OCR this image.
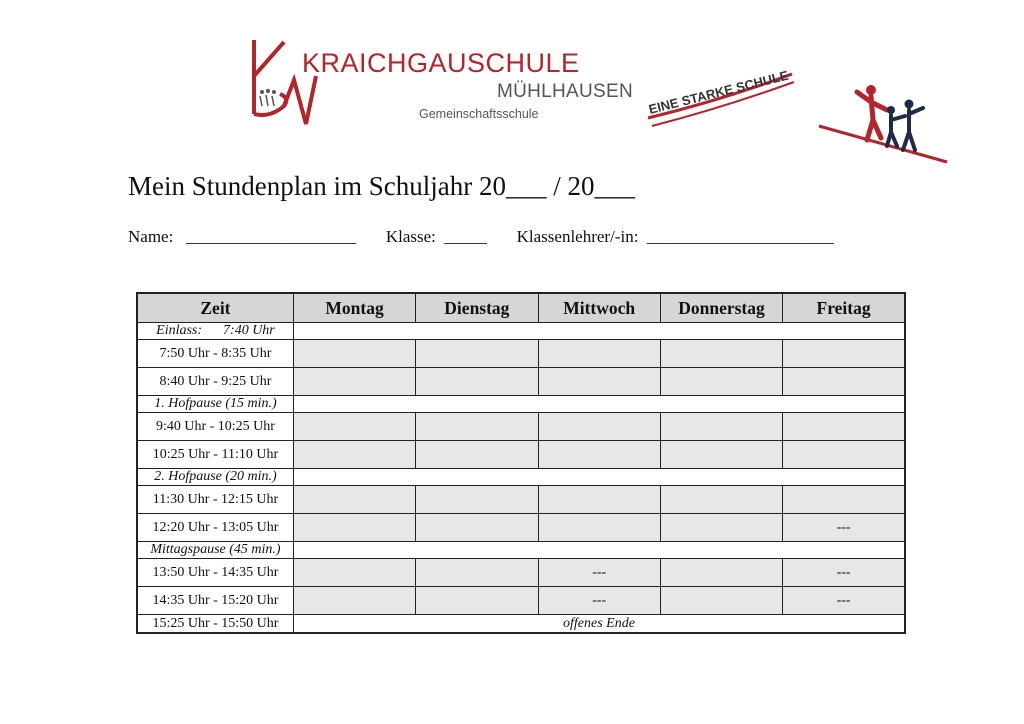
KRAICHGAUSCHULE
MÜHLHAUSEN
Gemeinschaftsschule	EINE STARKE SCHULE
Mein Stundenplan im Schuljahr 20___ / 20___
Name: ____________________ Klasse: _____ Klassenlehrer/-in: ______________________
Zeit	Montag	Dienstag	Mittwoch	Donnerstag	Freitag
Einlass: 7:40 Uhr					
7:50 Uhr - 8:35 Uhr					
8:40 Uhr - 9:25 Uhr					
1. Hofpause (15 min.)					
9:40 Uhr - 10:25 Uhr					
10:25 Uhr - 11:10 Uhr					
2. Hofpause (20 min.)					
11:30 Uhr - 12:15 Uhr					
12:20 Uhr - 13:05 Uhr					---
Mittagspause (45 min.)					
13:50 Uhr - 14:35 Uhr			---		---
14:35 Uhr - 15:20 Uhr			---		---
15:25 Uhr - 15:50 Uhr	offenes Ende				
